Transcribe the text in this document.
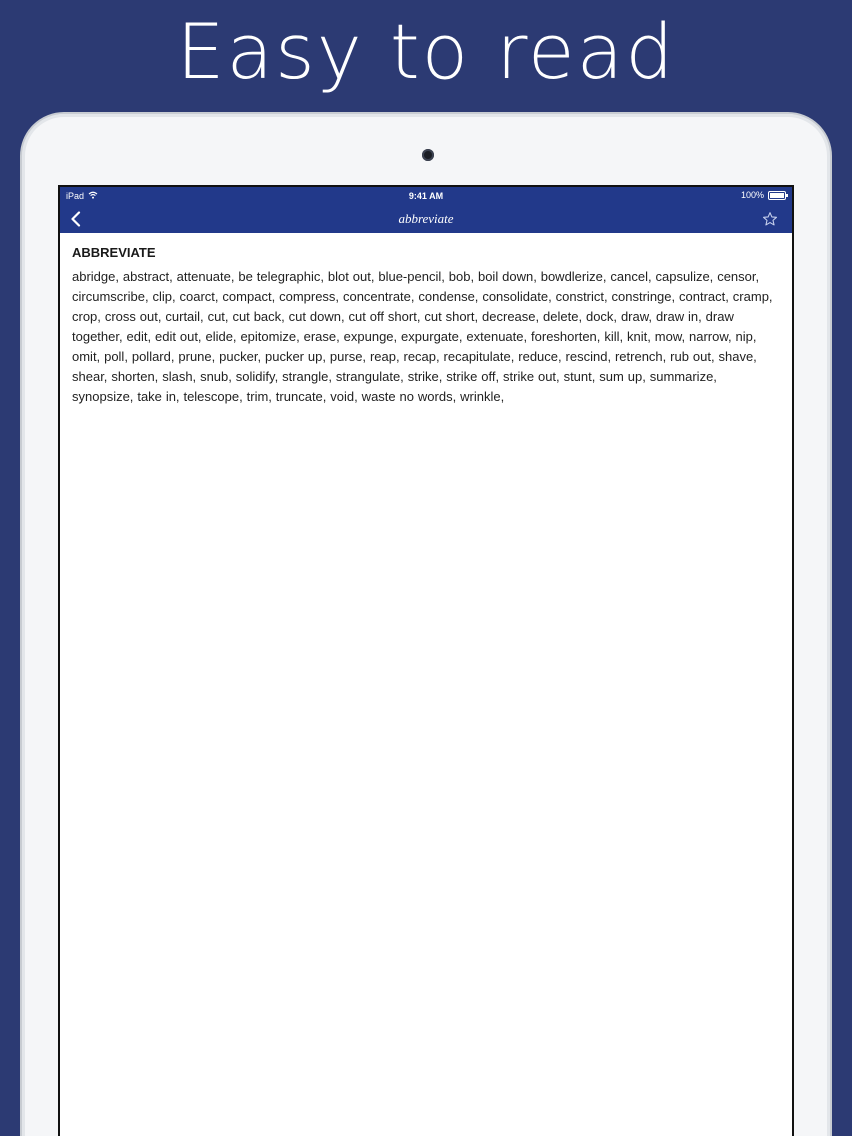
Easy to read
iPad	9:41 AM	100%
abbreviate

ABBREVIATE

abridge, abstract, attenuate, be telegraphic, blot out, blue-pencil, bob, boil down, bowdlerize, cancel, capsulize, censor, circumscribe, clip, coarct, compact, compress, concentrate, condense, consolidate, constrict, constringe, contract, cramp, crop, cross out, curtail, cut, cut back, cut down, cut off short, cut short, decrease, delete, dock, draw, draw in, draw together, edit, edit out, elide, epitomize, erase, expunge, expurgate, extenuate, foreshorten, kill, knit, mow, narrow, nip, omit, poll, pollard, prune, pucker, pucker up, purse, reap, recap, recapitulate, reduce, rescind, retrench, rub out, shave, shear, shorten, slash, snub, solidify, strangle, strangulate, strike, strike off, strike out, stunt, sum up, summarize, synopsize, take in, telescope, trim, truncate, void, waste no words, wrinkle,
